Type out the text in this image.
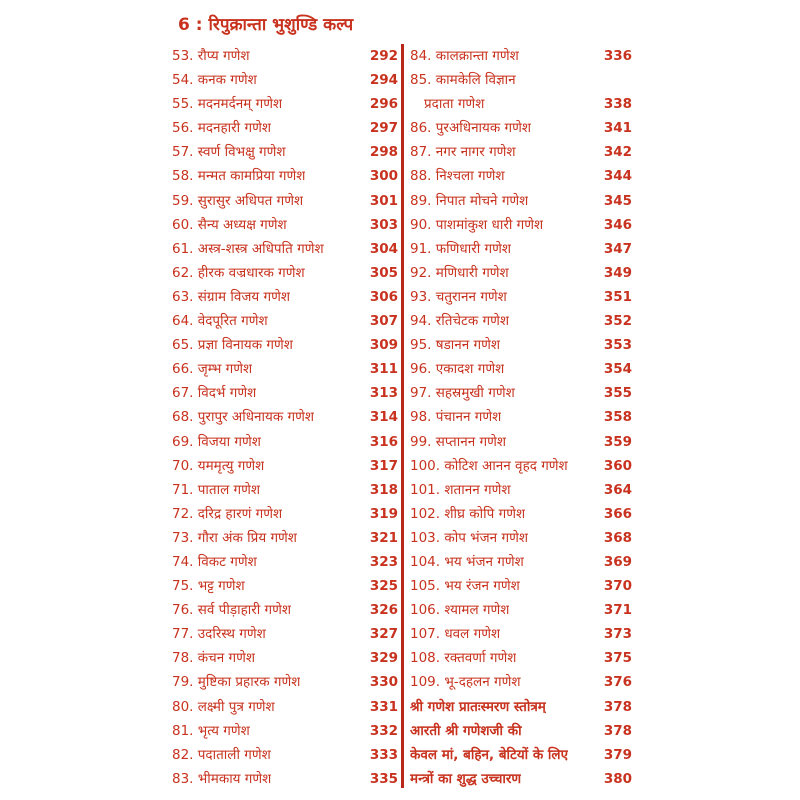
6 : रिपुक्रान्ता भुशुण्डि कल्प
53. रौप्य गणेश	292
54. कनक गणेश	294
55. मदनमर्दनम् गणेश	296
56. मदनहारी गणेश	297
57. स्वर्ण विभक्षु गणेश	298
58. मन्मत कामप्रिया गणेश	300
59. सुरासुर अधिपत गणेश	301
60. सैन्य अध्यक्ष गणेश	303
61. अस्त्र-शस्त्र अधिपति गणेश	304
62. हीरक वज्रधारक गणेश	305
63. संग्राम विजय गणेश	306
64. वेदपूरित गणेश	307
65. प्रज्ञा विनायक गणेश	309
66. जृम्भ गणेश	311
67. विदर्भ गणेश	313
68. पुरापुर अधिनायक गणेश	314
69. विजया गणेश	316
70. यममृत्यु गणेश	317
71. पाताल गणेश	318
72. दरिद्र हारणं गणेश	319
73. गौरा अंक प्रिय गणेश	321
74. विकट गणेश	323
75. भट्ट गणेश	325
76. सर्व पीड़ाहारी गणेश	326
77. उदरिस्थ गणेश	327
78. कंचन गणेश	329
79. मुष्टिका प्रहारक गणेश	330
80. लक्ष्मी पुत्र गणेश	331
81. भृत्य गणेश	332
82. पदाताली गणेश	333
83. भीमकाय गणेश	335
84. कालक्रान्ता गणेश	336
85. कामकेलि विज्ञान
प्रदाता गणेश	338
86. पुरअधिनायक गणेश	341
87. नगर नागर गणेश	342
88. निश्चला गणेश	344
89. निपात मोचने गणेश	345
90. पाशमांकुश धारी गणेश	346
91. फणिधारी गणेश	347
92. मणिधारी गणेश	349
93. चतुरानन गणेश	351
94. रतिचेटक गणेश	352
95. षडानन गणेश	353
96. एकादश गणेश	354
97. सहस्रमुखी गणेश	355
98. पंचानन गणेश	358
99. सप्तानन गणेश	359
100. कोटिश आनन वृहद गणेश	360
101. शतानन गणेश	364
102. शीघ्र कोपि गणेश	366
103. कोप भंजन गणेश	368
104. भय भंजन गणेश	369
105. भय रंजन गणेश	370
106. श्यामल गणेश	371
107. धवल गणेश	373
108. रक्तवर्णा गणेश	375
109. भू-दहलन गणेश	376
श्री गणेश प्रातःस्मरण स्तोत्रम्	378
आरती श्री गणेशजी की	378
केवल मां, बहिन, बेटियों के लिए	379
मन्त्रों का शुद्ध उच्चारण	380
